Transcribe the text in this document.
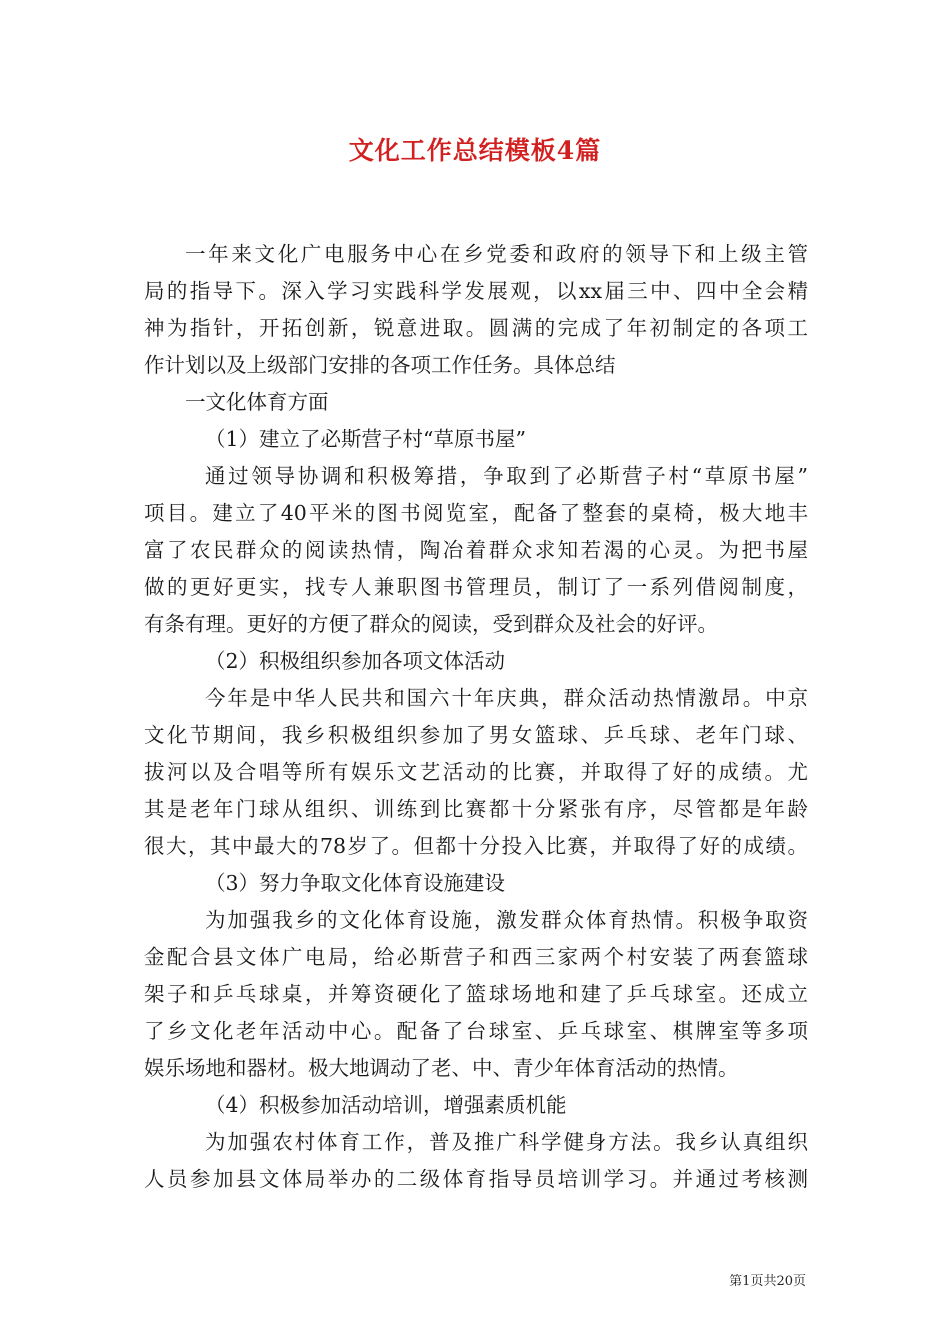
文化工作总结模板4篇
一年来文化广电服务中心在乡党委和政府的领导下和上级主管
局的指导下。深入学习实践科学发展观，以xx届三中、四中全会精
神为指针，开拓创新，锐意进取。圆满的完成了年初制定的各项工
作计划以及上级部门安排的各项工作任务。具体总结
一文化体育方面
（1）建立了必斯营子村“草原书屋”
通过领导协调和积极筹措，争取到了必斯营子村“草原书屋”
项目。建立了40平米的图书阅览室，配备了整套的桌椅，极大地丰
富了农民群众的阅读热情，陶冶着群众求知若渴的心灵。为把书屋
做的更好更实，找专人兼职图书管理员，制订了一系列借阅制度，
有条有理。更好的方便了群众的阅读，受到群众及社会的好评。
（2）积极组织参加各项文体活动
今年是中华人民共和国六十年庆典，群众活动热情激昂。中京
文化节期间，我乡积极组织参加了男女篮球、乒乓球、老年门球、
拔河以及合唱等所有娱乐文艺活动的比赛，并取得了好的成绩。尤
其是老年门球从组织、训练到比赛都十分紧张有序，尽管都是年龄
很大，其中最大的78岁了。但都十分投入比赛，并取得了好的成绩。
（3）努力争取文化体育设施建设
为加强我乡的文化体育设施，激发群众体育热情。积极争取资
金配合县文体广电局，给必斯营子和西三家两个村安装了两套篮球
架子和乒乓球桌，并筹资硬化了篮球场地和建了乒乓球室。还成立
了乡文化老年活动中心。配备了台球室、乒乓球室、棋牌室等多项
娱乐场地和器材。极大地调动了老、中、青少年体育活动的热情。
（4）积极参加活动培训，增强素质机能
为加强农村体育工作，普及推广科学健身方法。我乡认真组织
人员参加县文体局举办的二级体育指导员培训学习。并通过考核测
第1页共20页
